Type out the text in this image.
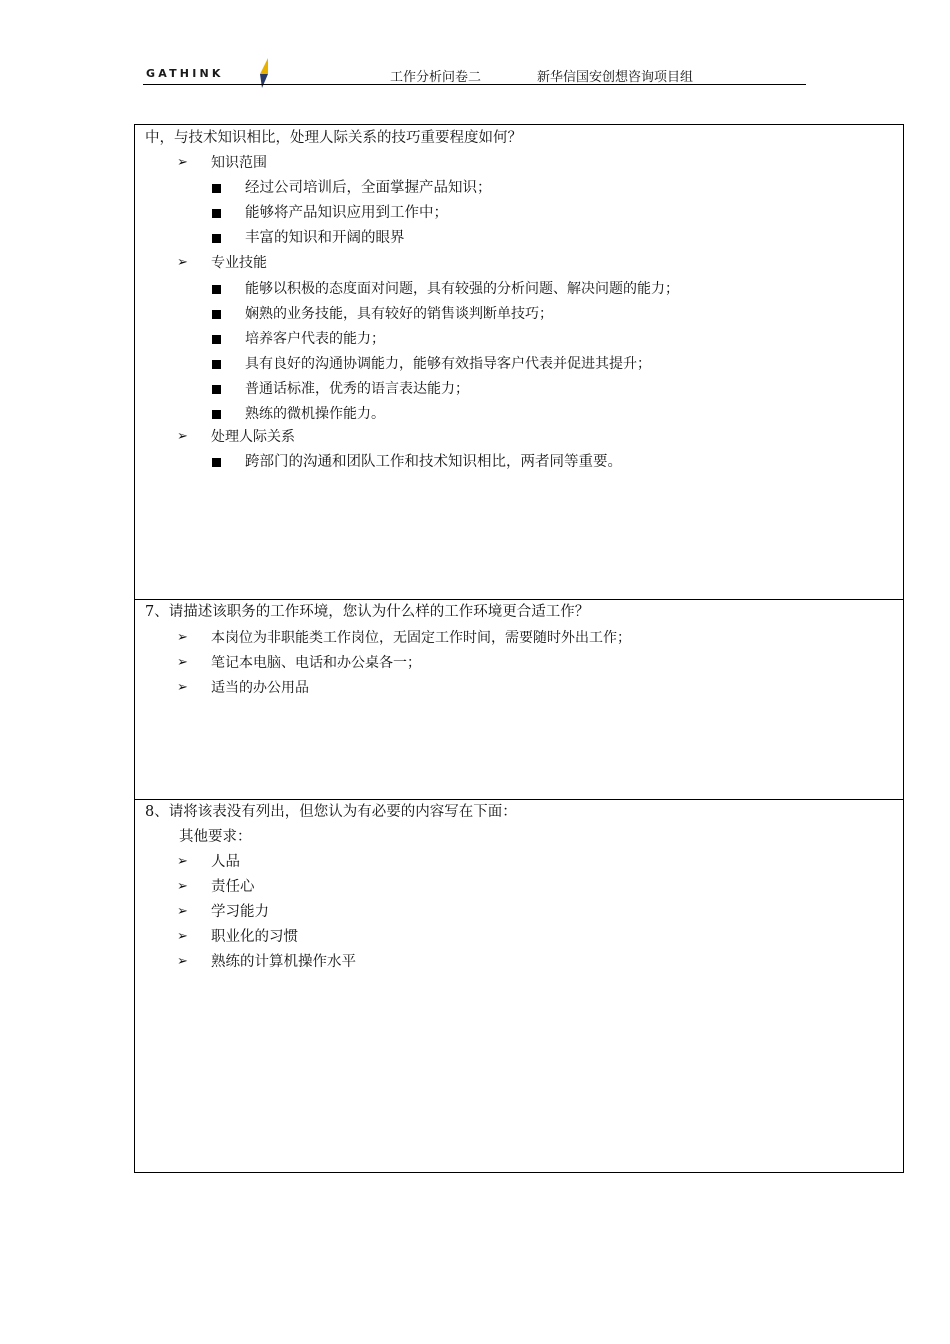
GATHINK	工作分析问卷二	新华信国安创想咨询项目组
中，与技术知识相比，处理人际关系的技巧重要程度如何？
➢ 知识范围
经过公司培训后，全面掌握产品知识；
能够将产品知识应用到工作中；
丰富的知识和开阔的眼界
➢ 专业技能
能够以积极的态度面对问题，具有较强的分析问题、解决问题的能力；
娴熟的业务技能，具有较好的销售谈判断单技巧；
培养客户代表的能力；
具有良好的沟通协调能力，能够有效指导客户代表并促进其提升；
普通话标准，优秀的语言表达能力；
熟练的微机操作能力。
➢ 处理人际关系
跨部门的沟通和团队工作和技术知识相比，两者同等重要。
7、请描述该职务的工作环境，您认为什么样的工作环境更合适工作？
➢ 本岗位为非职能类工作岗位，无固定工作时间，需要随时外出工作；
➢ 笔记本电脑、电话和办公桌各一；
➢ 适当的办公用品
8、请将该表没有列出，但您认为有必要的内容写在下面：
其他要求：
➢ 人品
➢ 责任心
➢ 学习能力
➢ 职业化的习惯
➢ 熟练的计算机操作水平
